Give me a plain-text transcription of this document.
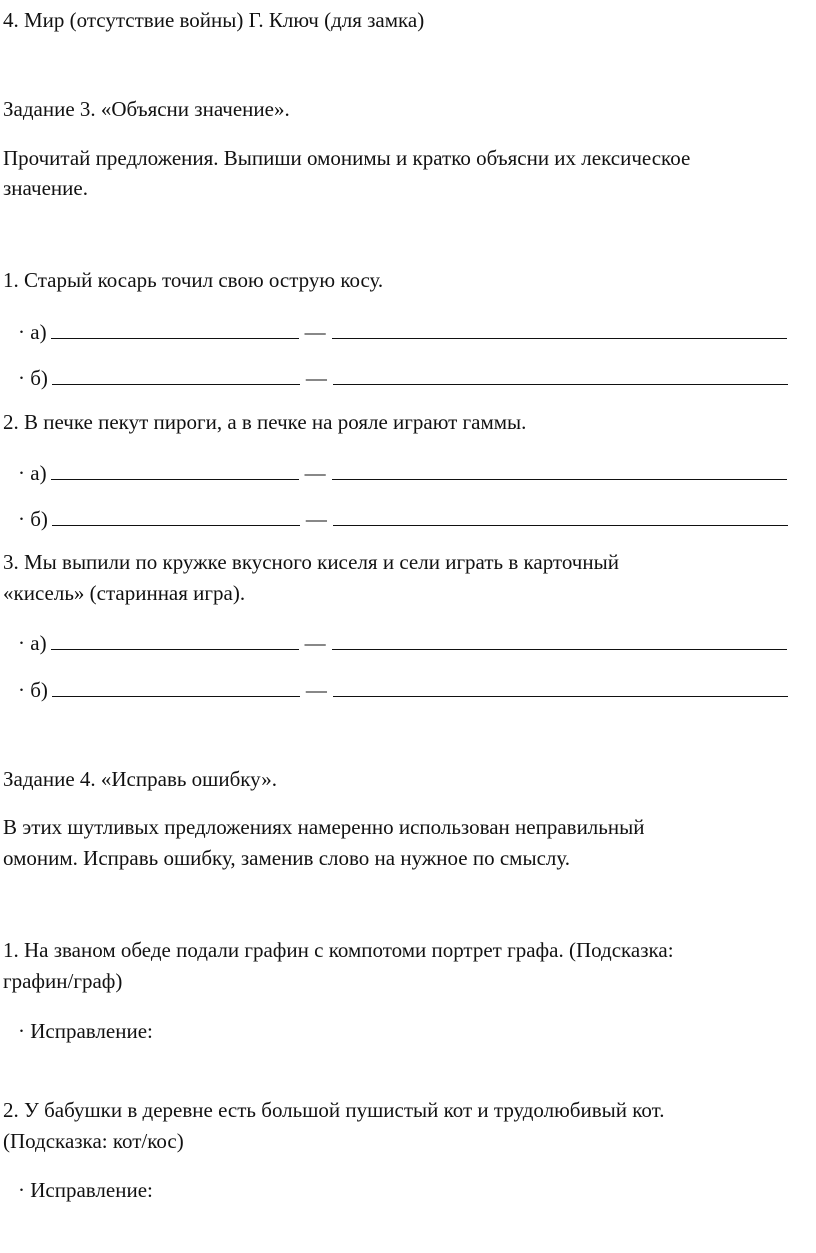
4. Мир (отсутствие войны) Г. Ключ (для замка)
Задание 3. «Объясни значение».
Прочитай предложения. Выпиши омонимы и кратко объясни их лексическое
значение.
1. Старый косарь точил свою острую косу.
· а)	—
· б)	—
2. В печке пекут пироги, а в печке на рояле играют гаммы.
· а)	—
· б)	—
3. Мы выпили по кружке вкусного киселя и сели играть в карточный
«кисель» (старинная игра).
· а)	—
· б)	—
Задание 4. «Исправь ошибку».
В этих шутливых предложениях намеренно использован неправильный
омоним. Исправь ошибку, заменив слово на нужное по смыслу.
1. На званом обеде подали графин с компотоми портрет графа. (Подсказка:
графин/граф)
· Исправление:
2. У бабушки в деревне есть большой пушистый кот и трудолюбивый кот.
(Подсказка: кот/кос)
· Исправление:
